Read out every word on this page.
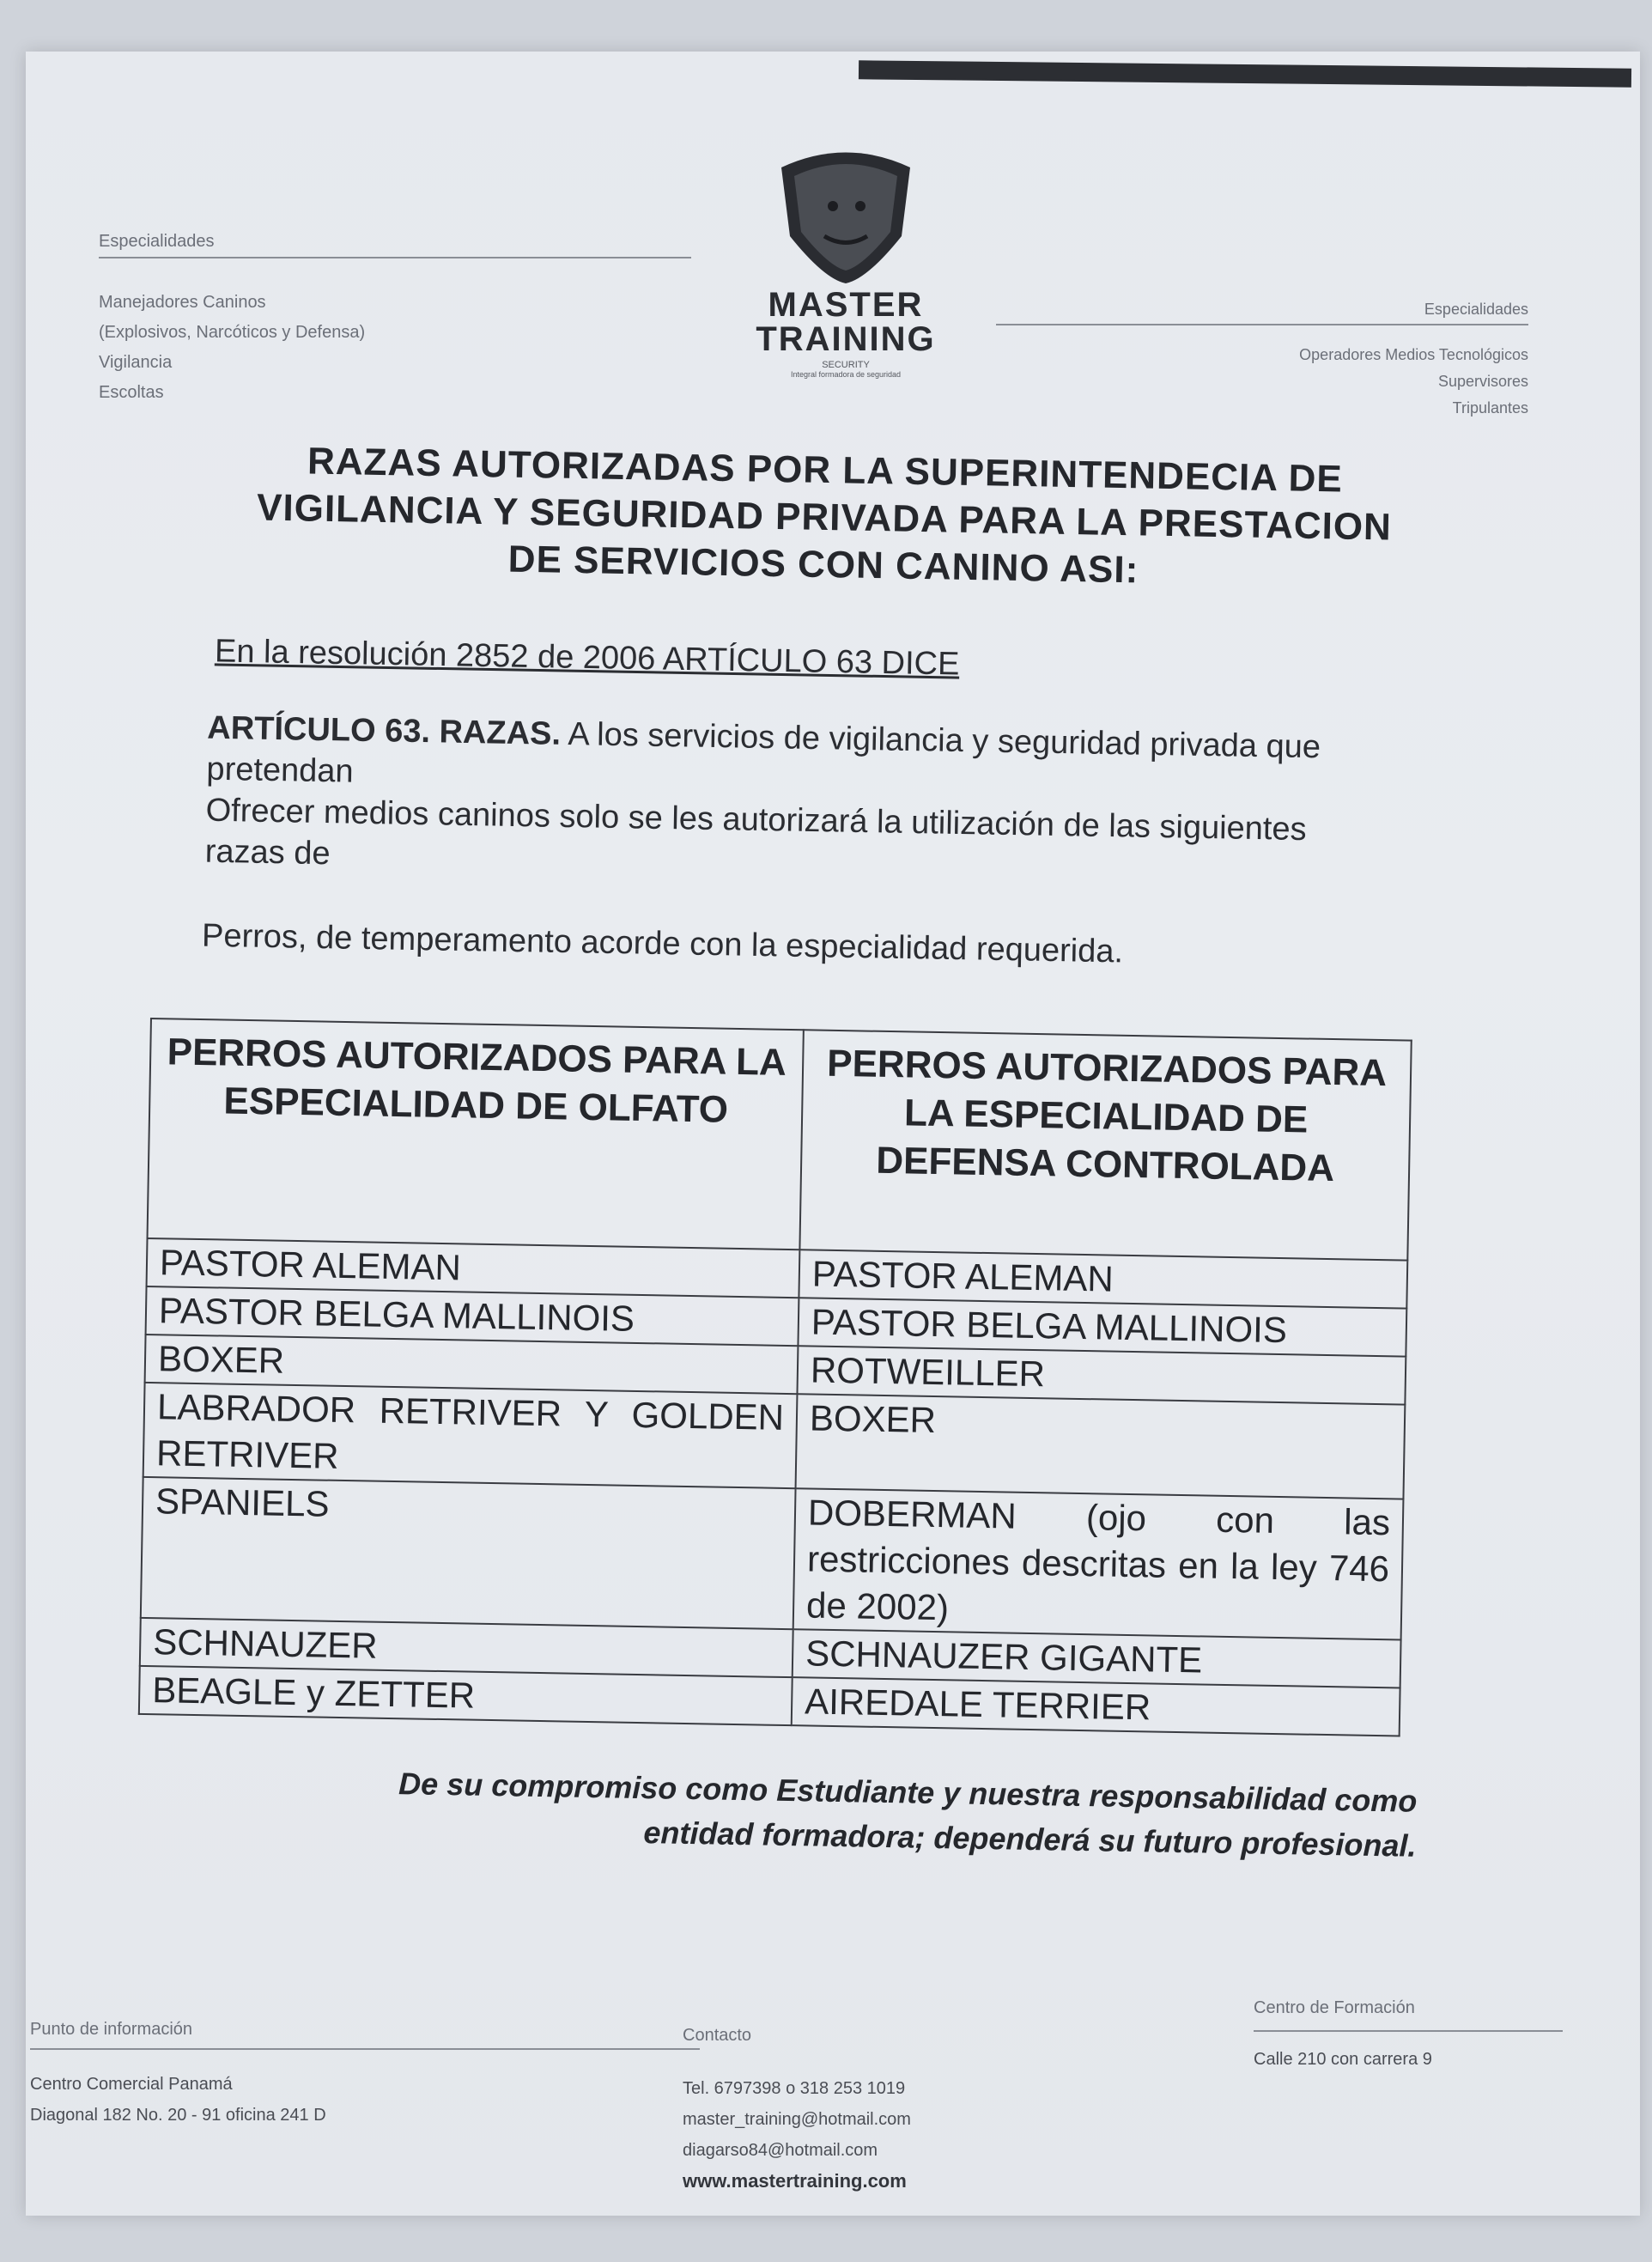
Especialidades
Manejadores Caninos
(Explosivos, Narcóticos y Defensa)
Vigilancia
Escoltas
MASTER
TRAINING
SECURITY
Integral formadora de seguridad
Especialidades
Operadores Medios Tecnológicos
Supervisores
Tripulantes
RAZAS AUTORIZADAS POR LA SUPERINTENDECIA DE VIGILANCIA Y SEGURIDAD PRIVADA PARA LA PRESTACION DE SERVICIOS CON CANINO ASI:
En la resolución 2852 de 2006 ARTÍCULO 63 DICE
ARTÍCULO 63. RAZAS. A los servicios de vigilancia y seguridad privada que pretendan
Ofrecer medios caninos solo se les autorizará la utilización de las siguientes razas de
Perros, de temperamento acorde con la especialidad requerida.
PERROS AUTORIZADOS PARA LA ESPECIALIDAD DE OLFATO	PERROS AUTORIZADOS PARA LA ESPECIALIDAD DE DEFENSA CONTROLADA
PASTOR ALEMAN	PASTOR ALEMAN
PASTOR BELGA MALLINOIS	PASTOR BELGA MALLINOIS
BOXER	ROTWEILLER
LABRADOR RETRIVER Y GOLDEN RETRIVER	BOXER
SPANIELS	DOBERMAN (ojo con las restricciones descritas en la ley 746 de 2002)
SCHNAUZER	SCHNAUZER GIGANTE
BEAGLE y ZETTER	AIREDALE TERRIER
De su compromiso como Estudiante y nuestra responsabilidad como
entidad formadora; dependerá su futuro profesional.
Punto de información
Centro Comercial Panamá
Diagonal 182 No. 20 - 91 oficina 241 D
Contacto
Tel. 6797398 o 318 253 1019
master_training@hotmail.com
diagarso84@hotmail.com
www.mastertraining.com
Centro de Formación
Calle 210 con carrera 9
